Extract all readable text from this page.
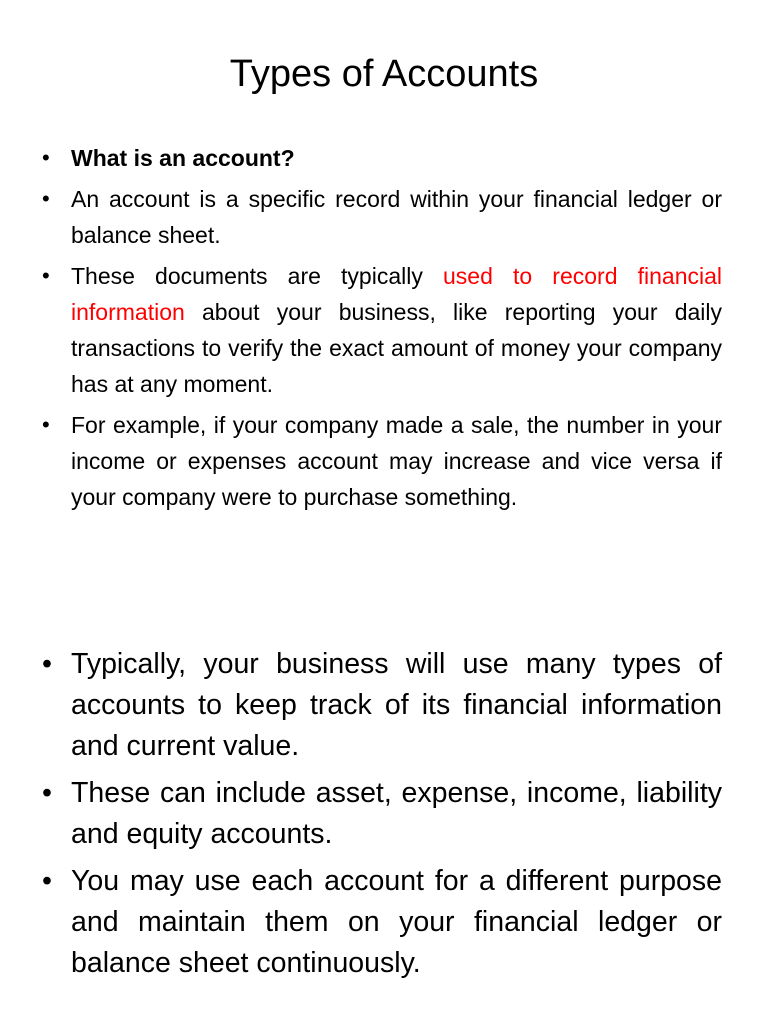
Types of Accounts
• What is an account?
• An account is a specific record within your financial ledger or balance sheet.
• These documents are typically used to record financial information about your business, like reporting your daily transactions to verify the exact amount of money your company has at any moment.
• For example, if your company made a sale, the number in your income or expenses account may increase and vice versa if your company were to purchase something.
• Typically, your business will use many types of accounts to keep track of its financial information and current value.
• These can include asset, expense, income, liability and equity accounts.
• You may use each account for a different purpose and maintain them on your financial ledger or balance sheet continuously.
